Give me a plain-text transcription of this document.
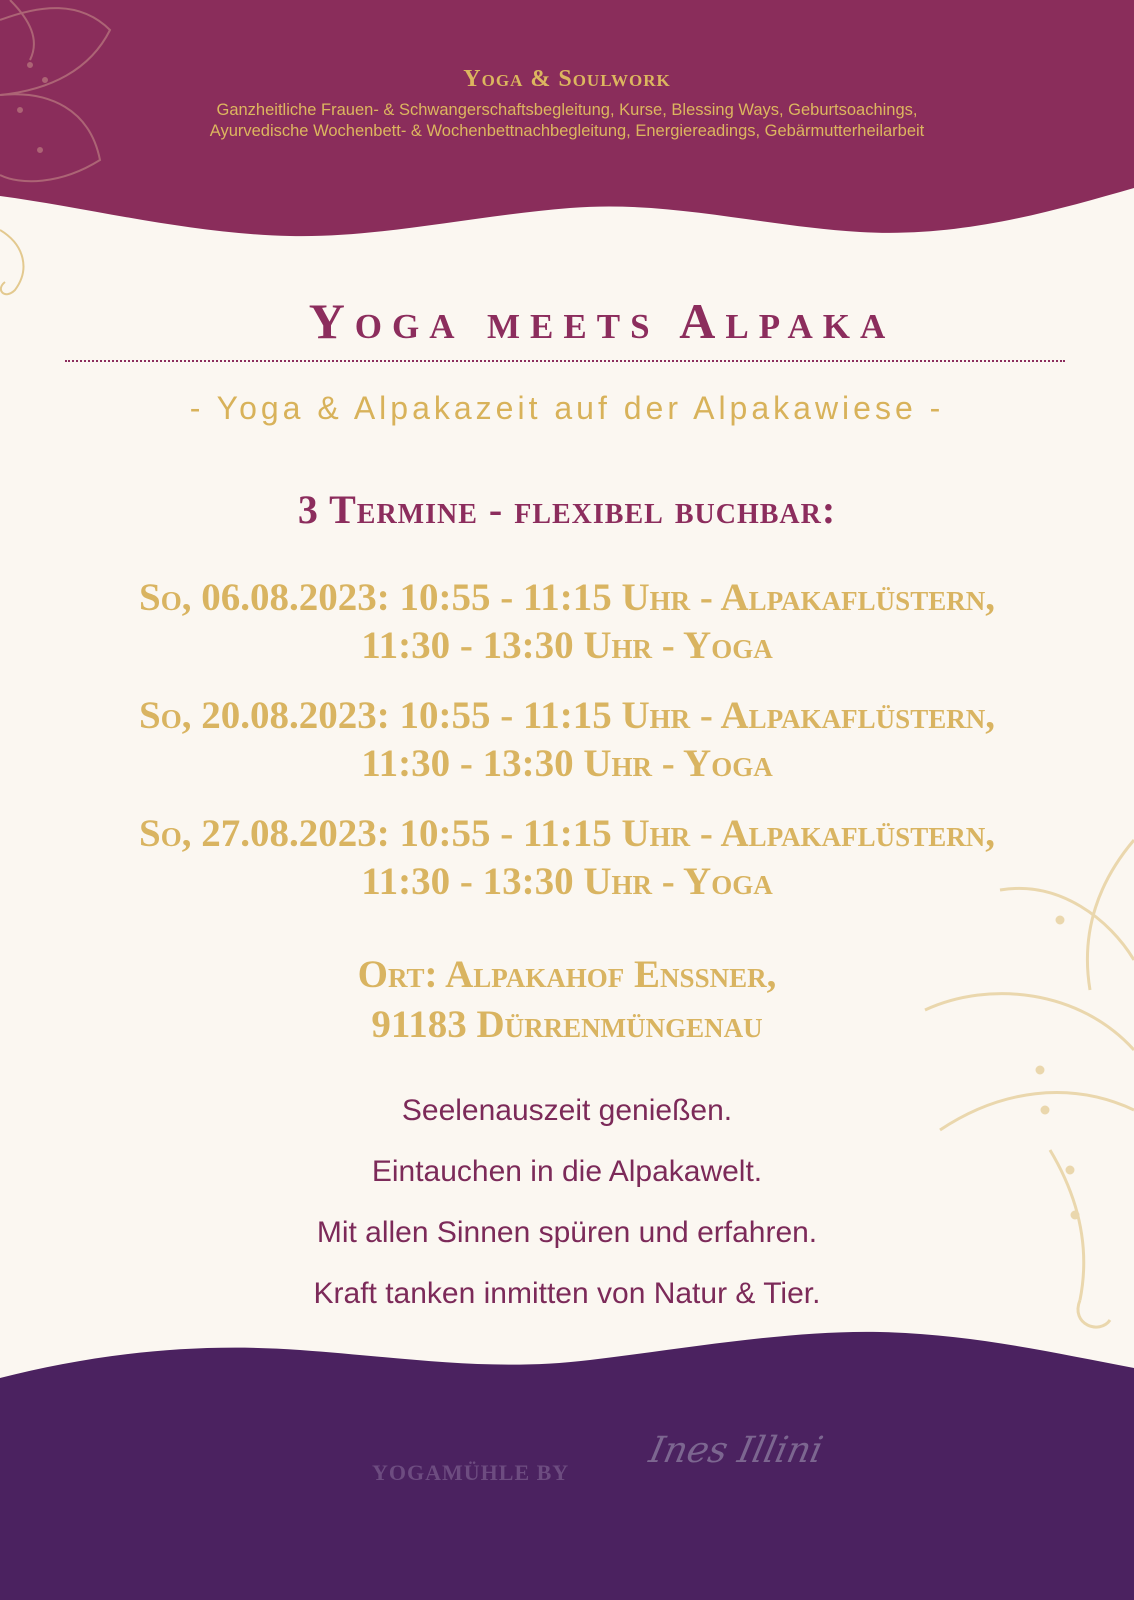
Yoga & Soulwork
Ganzheitliche Frauen- & Schwangerschaftsbegleitung, Kurse, Blessing Ways, Geburtsoachings,
Ayurvedische Wochenbett- & Wochenbettnachbegleitung, Energiereadings, Gebärmutterheilarbeit
Yoga meets Alpaka
- Yoga & Alpakazeit auf der Alpakawiese -
3 Termine - flexibel buchbar:
So, 06.08.2023: 10:55 - 11:15 Uhr - Alpakaflüstern,
11:30 - 13:30 Uhr - Yoga
So, 20.08.2023: 10:55 - 11:15 Uhr - Alpakaflüstern,
11:30 - 13:30 Uhr - Yoga
So, 27.08.2023: 10:55 - 11:15 Uhr - Alpakaflüstern,
11:30 - 13:30 Uhr - Yoga
Ort: Alpakahof Enssner,
91183 Dürrenmüngenau
Seelenauszeit genießen.
Eintauchen in die Alpakawelt.
Mit allen Sinnen spüren und erfahren.
Kraft tanken inmitten von Natur & Tier.
YOGAMÜHLE BY
Ines Illini
